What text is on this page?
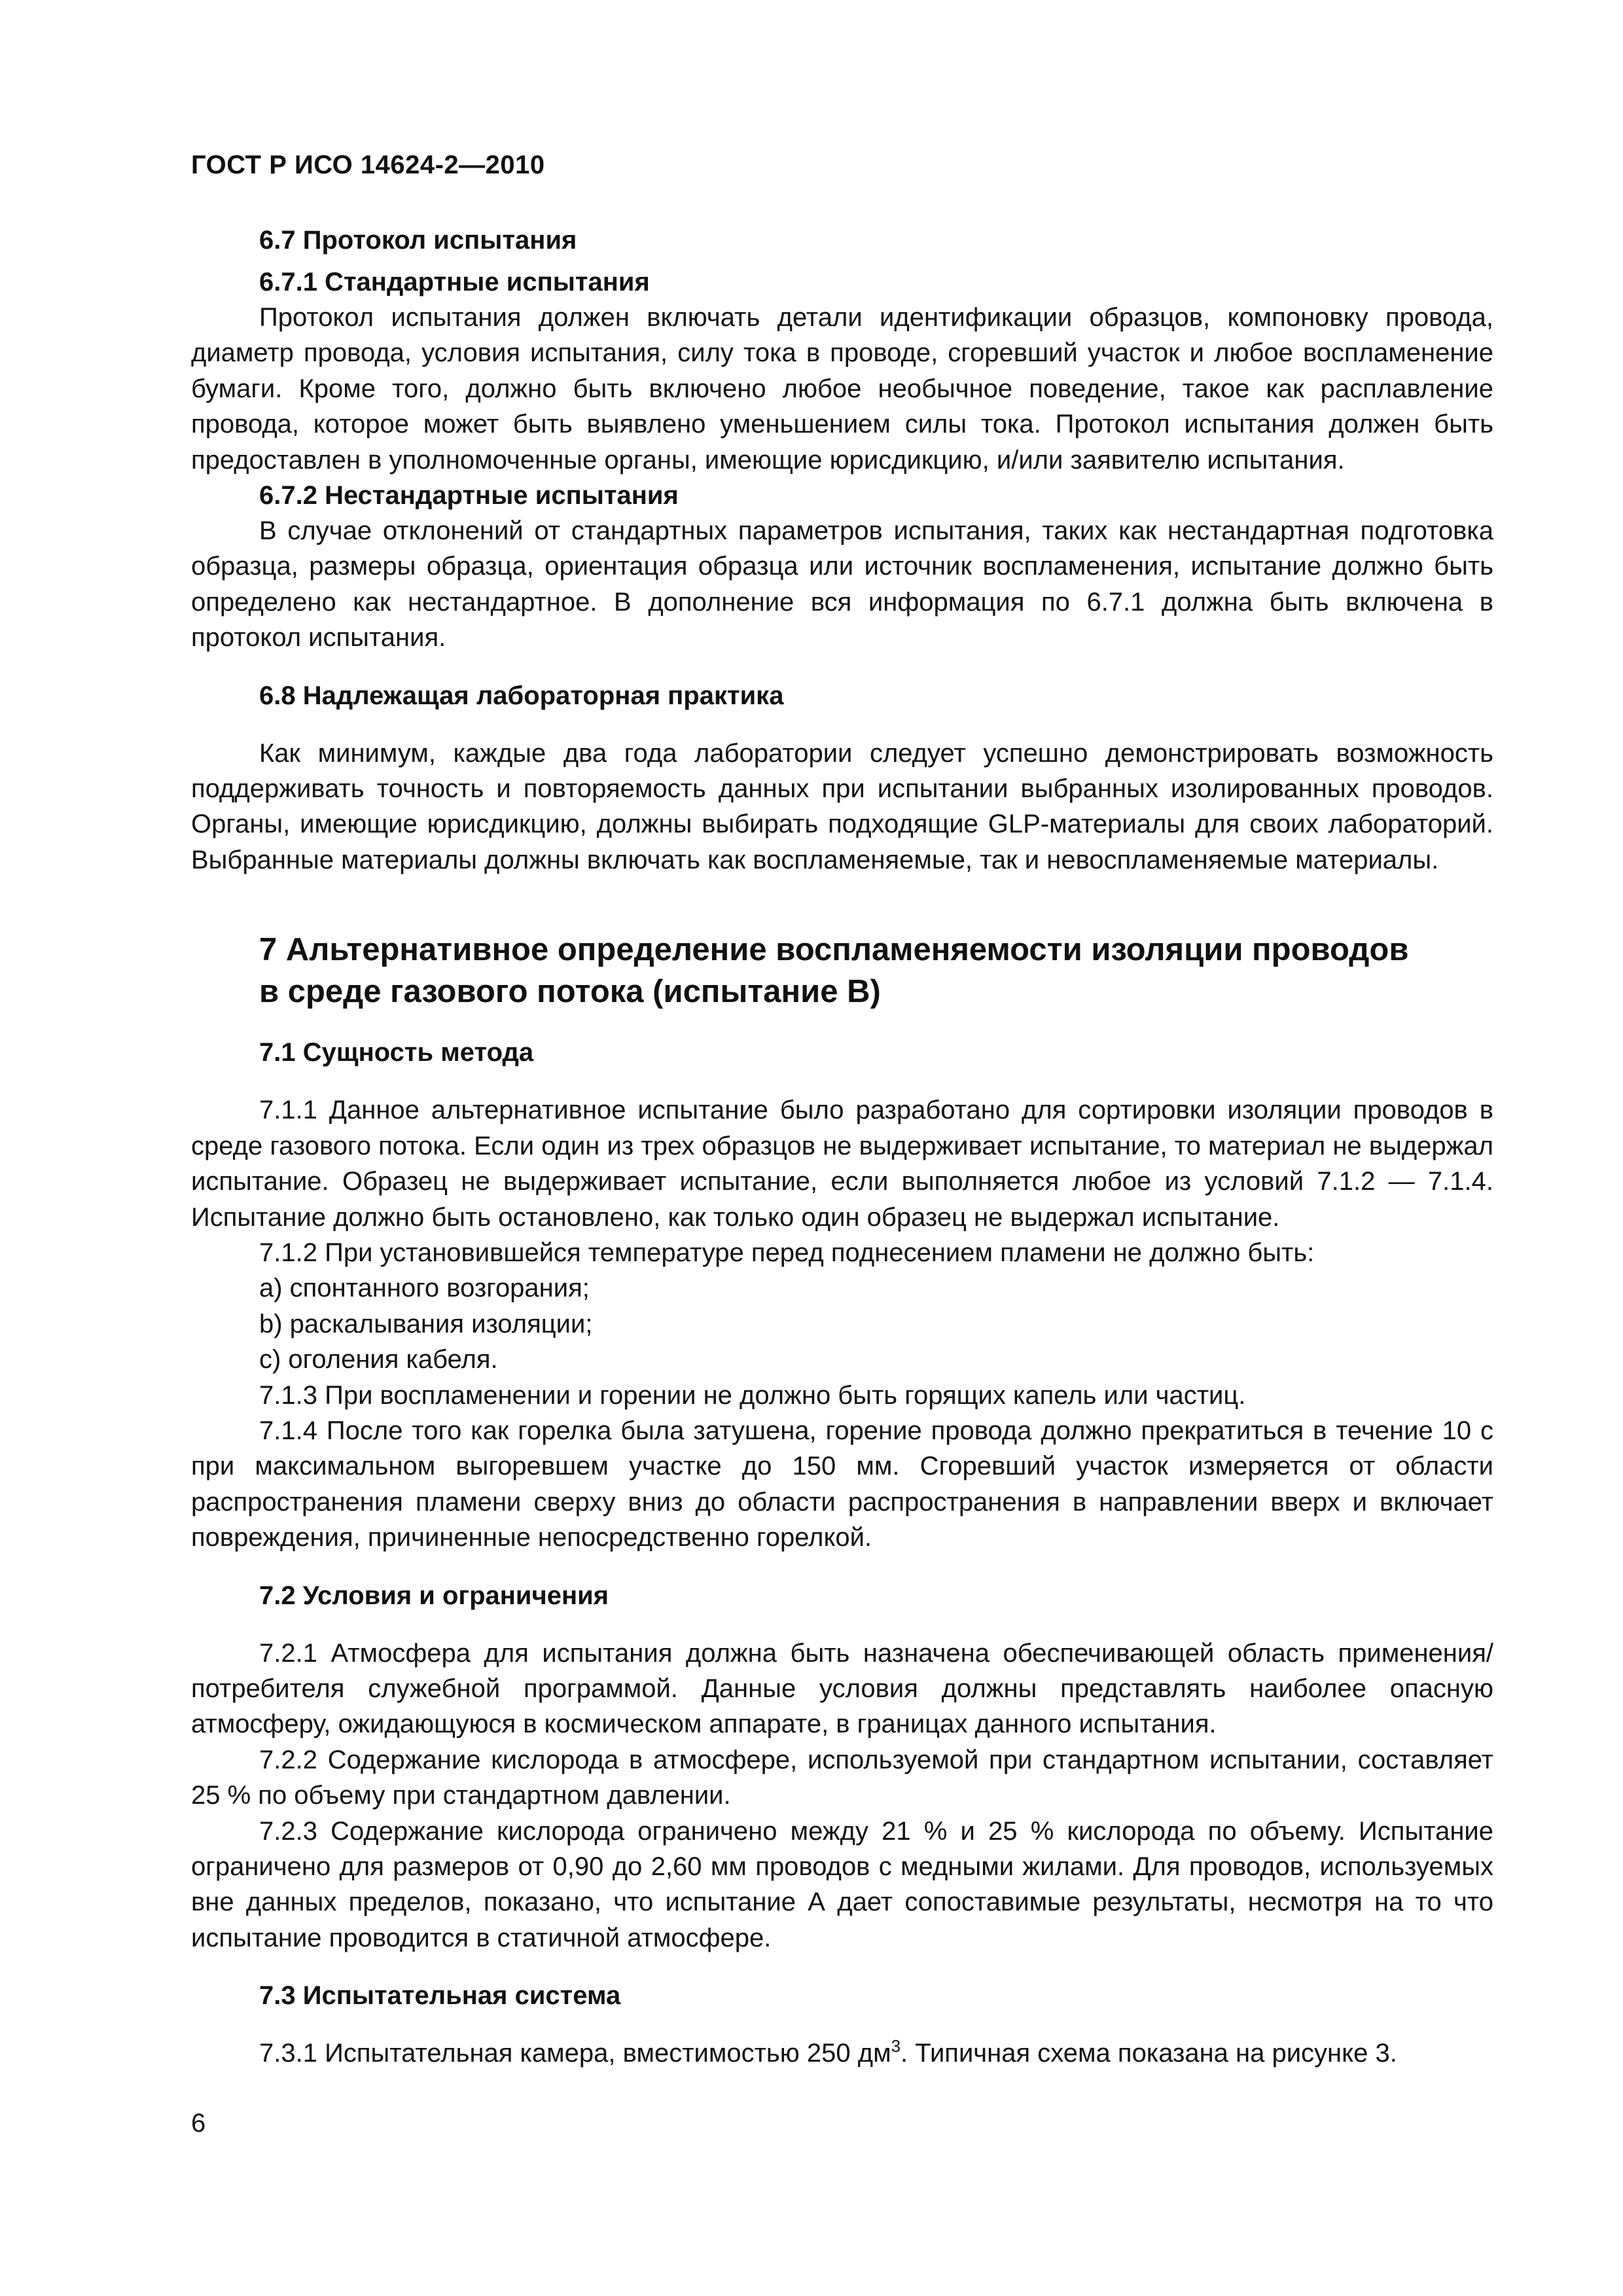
ГОСТ Р ИСО 14624-2—2010
6.7 Протокол испытания
6.7.1 Стандартные испытания

Протокол испытания должен включать детали идентификации образцов, компоновку провода, диаметр провода, условия испытания, силу тока в проводе, сгоревший участок и любое воспламенение бумаги. Кроме того, должно быть включено любое необычное поведение, такое как расплавление провода, которое может быть выявлено уменьшением силы тока. Протокол испытания должен быть предоставлен в уполномоченные органы, имеющие юрисдикцию, и/или заявителю испытания.

6.7.2 Нестандартные испытания

В случае отклонений от стандартных параметров испытания, таких как нестандартная подготовка образца, размеры образца, ориентация образца или источник воспламенения, испытание должно быть определено как нестандартное. В дополнение вся информация по 6.7.1 должна быть включена в протокол испытания.

6.8 Надлежащая лабораторная практика

Как минимум, каждые два года лаборатории следует успешно демонстрировать возможность поддерживать точность и повторяемость данных при испытании выбранных изолированных проводов. Органы, имеющие юрисдикцию, должны выбирать подходящие GLP-материалы для своих лабораторий. Выбранные материалы должны включать как воспламеняемые, так и невоспламеняемые материалы.

7 Альтернативное определение воспламеняемости изоляции проводов
в среде газового потока (испытание В)
7.1 Сущность метода

7.1.1 Данное альтернативное испытание было разработано для сортировки изоляции проводов в среде газового потока. Если один из трех образцов не выдерживает испытание, то материал не выдержал испытание. Образец не выдерживает испытание, если выполняется любое из условий 7.1.2 — 7.1.4. Испытание должно быть остановлено, как только один образец не выдержал испытание.

7.1.2 При установившейся температуре перед поднесением пламени не должно быть:

a) спонтанного возгорания;
b) раскалывания изоляции;
c) оголения кабеля.

7.1.3 При воспламенении и горении не должно быть горящих капель или частиц.

7.1.4 После того как горелка была затушена, горение провода должно прекратиться в течение 10 с при максимальном выгоревшем участке до 150 мм. Сгоревший участок измеряется от области распространения пламени сверху вниз до области распространения в направлении вверх и включает повреждения, причиненные непосредственно горелкой.

7.2 Условия и ограничения

7.2.1 Атмосфера для испытания должна быть назначена обеспечивающей область применения/ потребителя служебной программой. Данные условия должны представлять наиболее опасную атмосферу, ожидающуюся в космическом аппарате, в границах данного испытания.

7.2.2 Содержание кислорода в атмосфере, используемой при стандартном испытании, составляет 25 % по объему при стандартном давлении.

7.2.3 Содержание кислорода ограничено между 21 % и 25 % кислорода по объему. Испытание ограничено для размеров от 0,90 до 2,60 мм проводов с медными жилами. Для проводов, используемых вне данных пределов, показано, что испытание А дает сопоставимые результаты, несмотря на то что испытание проводится в статичной атмосфере.

7.3 Испытательная система

7.3.1 Испытательная камера, вместимостью 250 $дм^3$. Типичная схема показана на рисунке 3.

6
